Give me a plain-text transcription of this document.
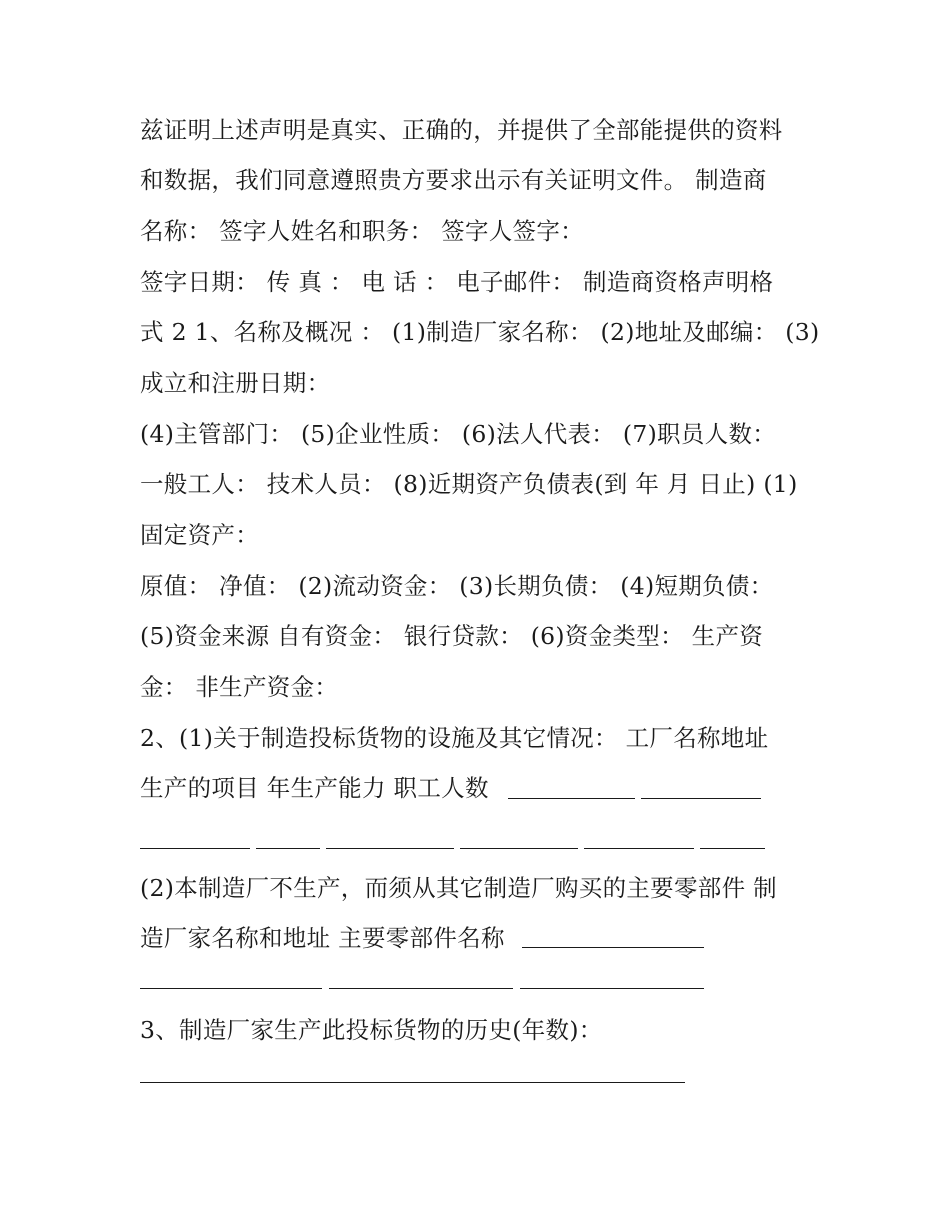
兹证明上述声明是真实、正确的，并提供了全部能提供的资料
和数据，我们同意遵照贵方要求出示有关证明文件。 制造商
名称： 签字人姓名和职务： 签字人签字：
签字日期： 传 真 ： 电 话 ： 电子邮件： 制造商资格声明格
式 2 1、名称及概况 ： (1)制造厂家名称： (2)地址及邮编： (3)
成立和注册日期：
(4)主管部门： (5)企业性质： (6)法人代表： (7)职员人数：
一般工人： 技术人员： (8)近期资产负债表(到 年 月 日止) (1)
固定资产：
原值： 净值： (2)流动资金： (3)长期负债： (4)短期负债：
(5)资金来源 自有资金： 银行贷款： (6)资金类型： 生产资
金： 非生产资金：
2、(1)关于制造投标货物的设施及其它情况： 工厂名称地址
生产的项目 年生产能力 职工人数
(2)本制造厂不生产，而须从其它制造厂购买的主要零部件 制
造厂家名称和地址 主要零部件名称
3、制造厂家生产此投标货物的历史(年数)：
